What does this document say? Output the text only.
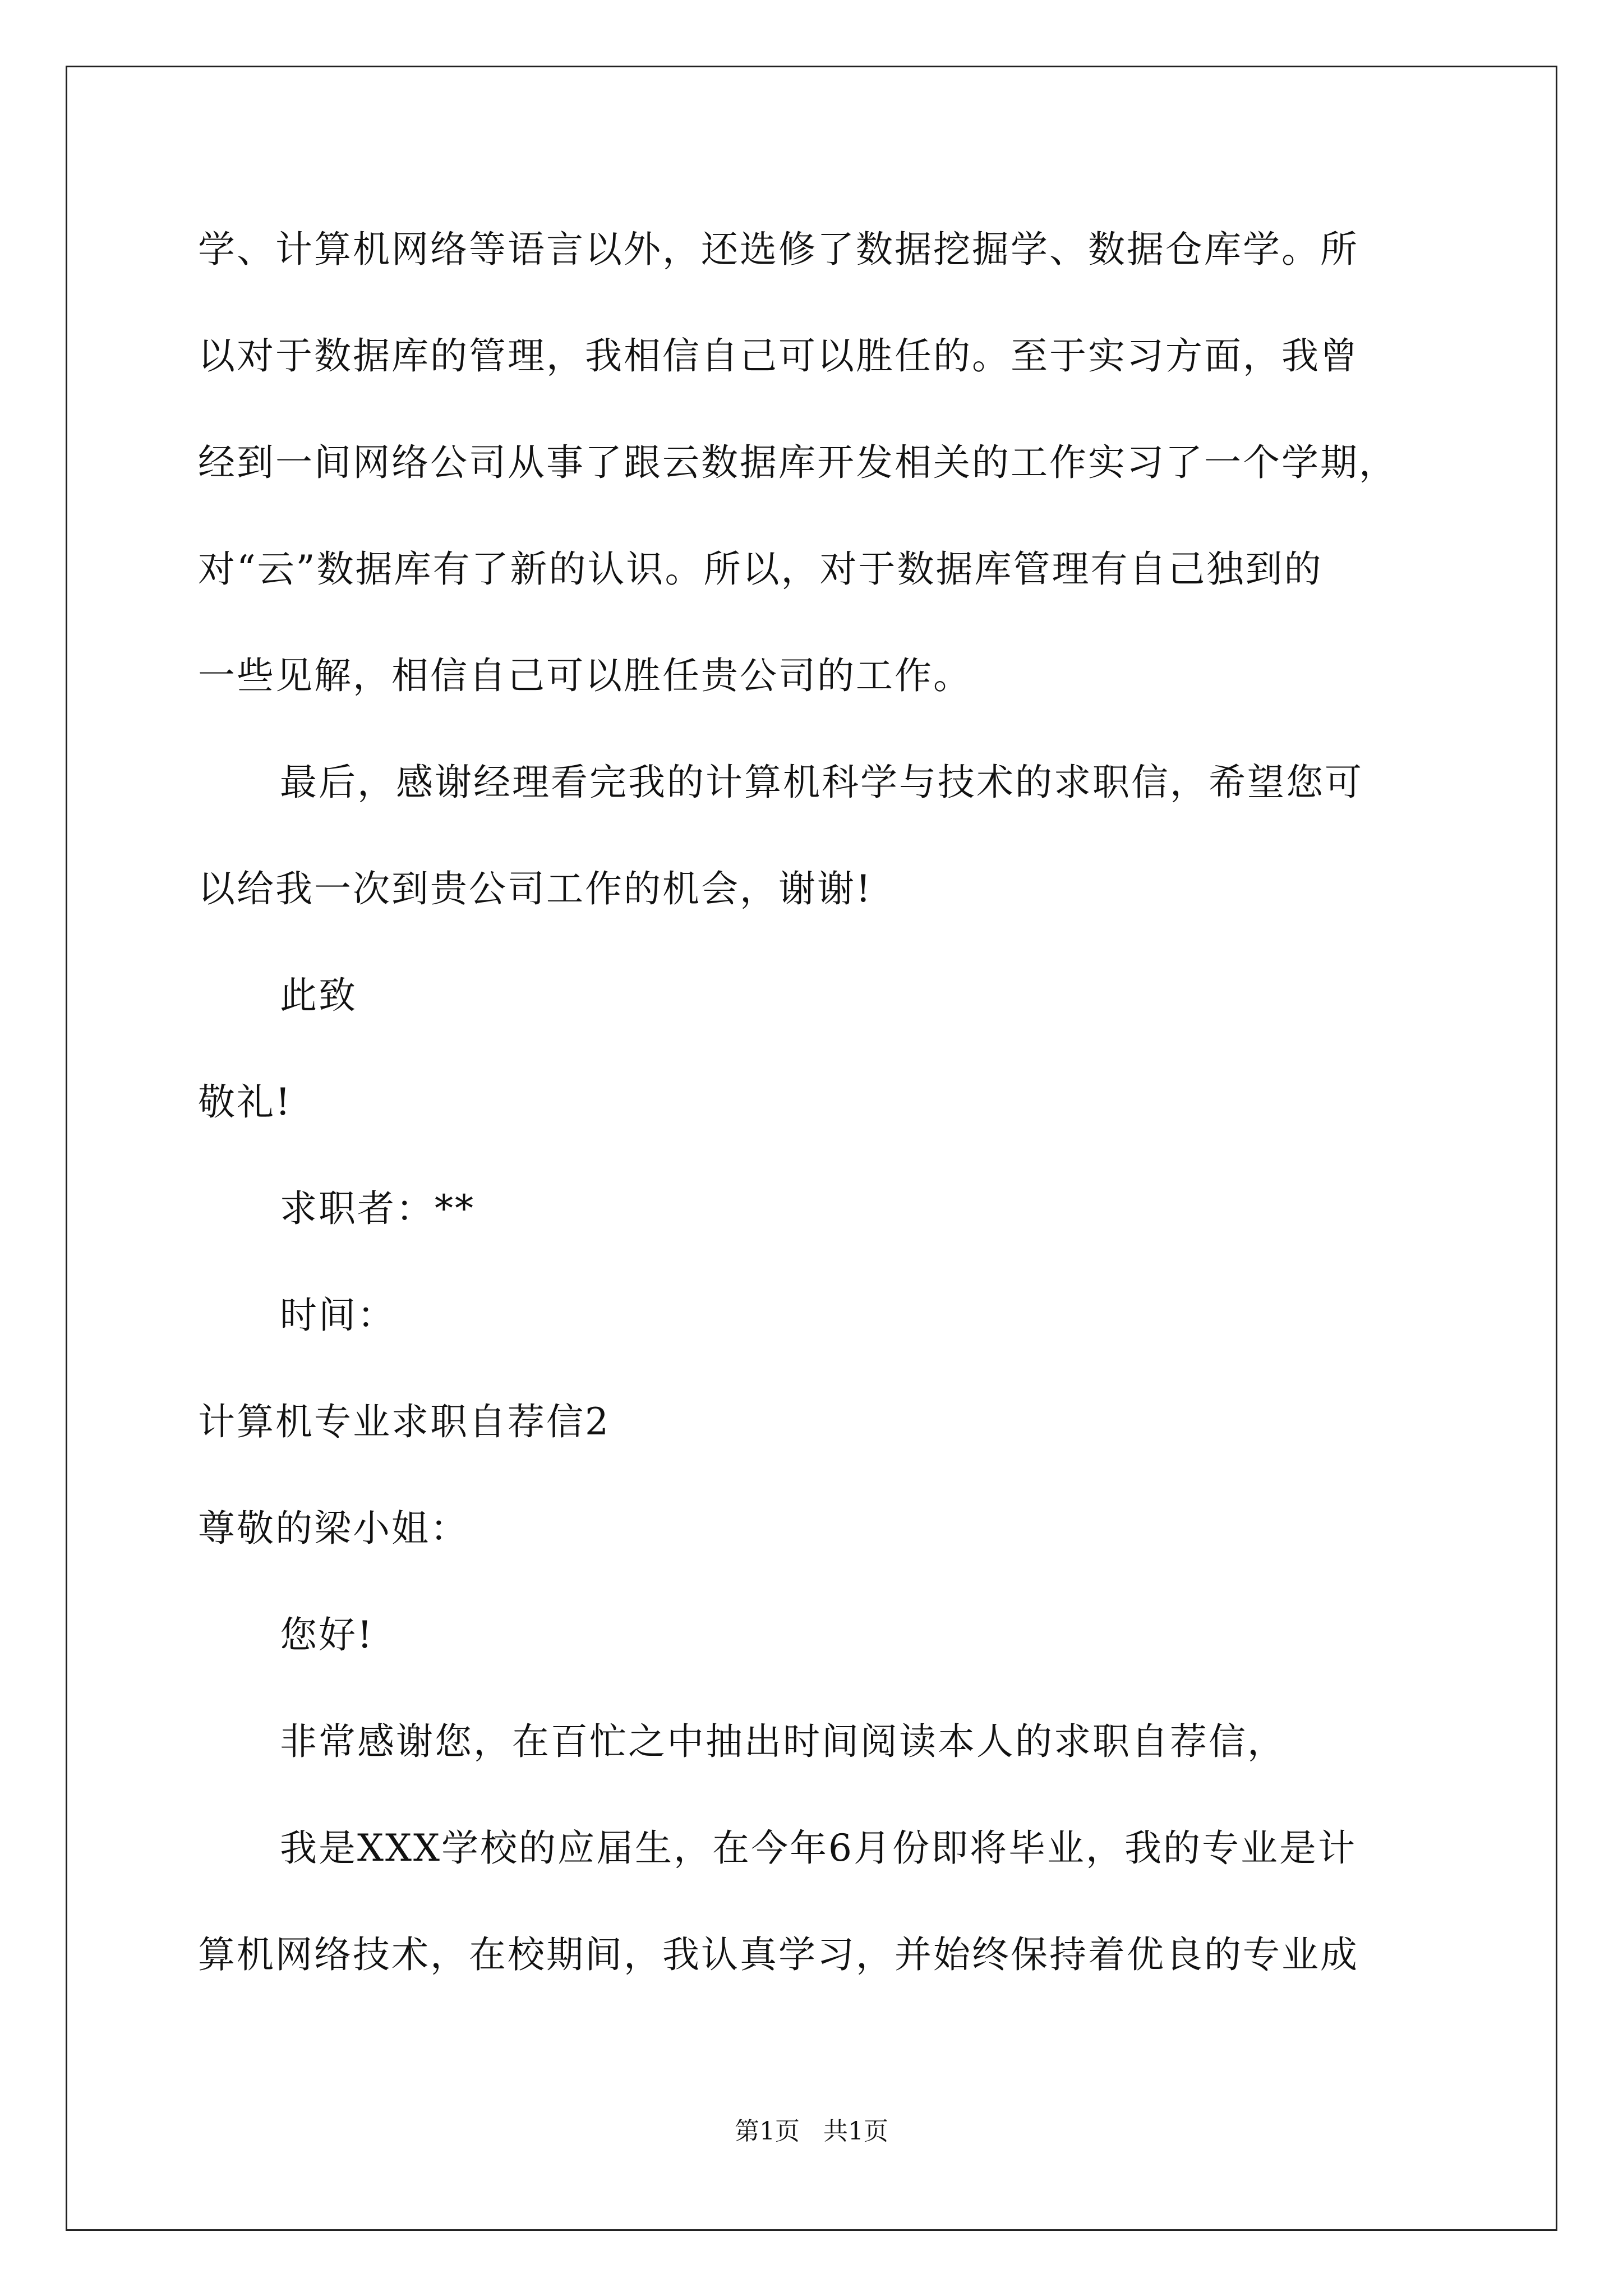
学、计算机网络等语言以外，还选修了数据挖掘学、数据仓库学。所
以对于数据库的管理，我相信自己可以胜任的。至于实习方面，我曾
经到一间网络公司从事了跟云数据库开发相关的工作实习了一个学期，
对“云”数据库有了新的认识。所以，对于数据库管理有自己独到的
一些见解，相信自己可以胜任贵公司的工作。
最后，感谢经理看完我的计算机科学与技术的求职信，希望您可
以给我一次到贵公司工作的机会，谢谢!
此致
敬礼!
求职者：**
时间：
计算机专业求职自荐信2
尊敬的梁小姐：
您好!
非常感谢您，在百忙之中抽出时间阅读本人的求职自荐信，
我是XXX学校的应届生，在今年6月份即将毕业，我的专业是计
算机网络技术，在校期间，我认真学习，并始终保持着优良的专业成
第1页   共1页
